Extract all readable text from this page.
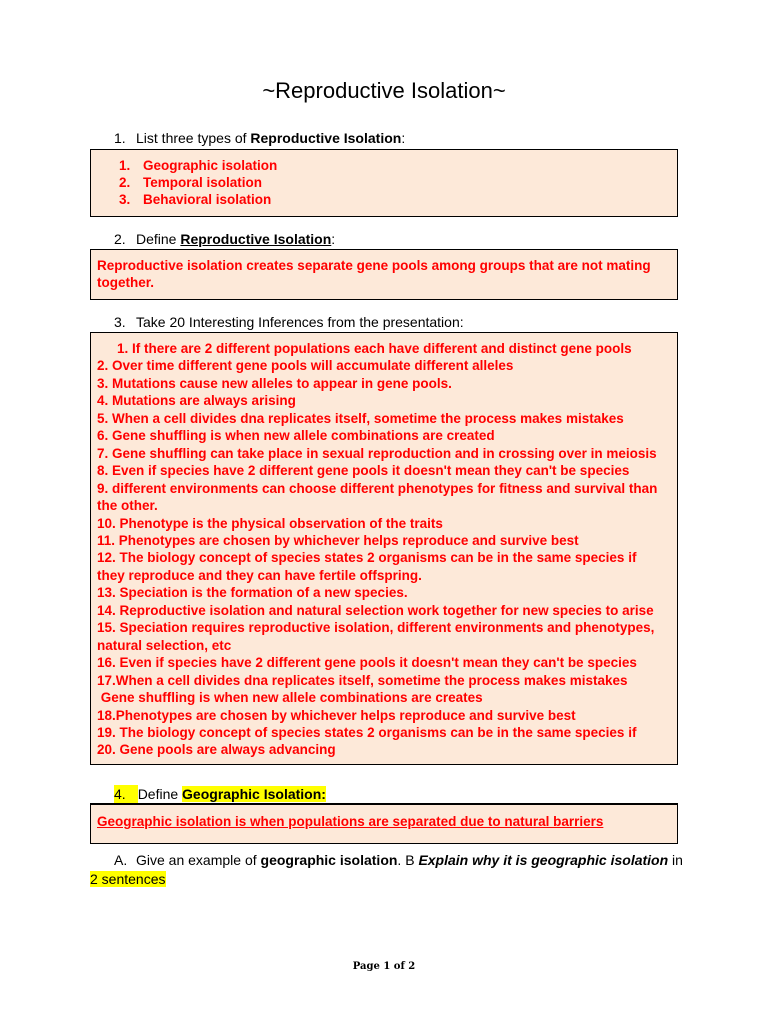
~Reproductive Isolation~
1. List three types of Reproductive Isolation:
1. Geographic isolation
2. Temporal isolation
3. Behavioral isolation
2. Define Reproductive Isolation:
Reproductive isolation creates separate gene pools among groups that are not mating
together.
3. Take 20 Interesting Inferences from the presentation:
1. If there are 2 different populations each have different and distinct gene pools
2. Over time different gene pools will accumulate different alleles
3. Mutations cause new alleles to appear in gene pools.
4. Mutations are always arising
5. When a cell divides dna replicates itself, sometime the process makes mistakes
6. Gene shuffling is when new allele combinations are created
7. Gene shuffling can take place in sexual reproduction and in crossing over in meiosis
8. Even if species have 2 different gene pools it doesn't mean they can't be species
9. different environments can choose different phenotypes for fitness and survival than
the other.
10. Phenotype is the physical observation of the traits
11. Phenotypes are chosen by whichever helps reproduce and survive best
12. The biology concept of species states 2 organisms can be in the same species if
they reproduce and they can have fertile offspring.
13. Speciation is the formation of a new species.
14. Reproductive isolation and natural selection work together for new species to arise
15. Speciation requires reproductive isolation, different environments and phenotypes,
natural selection, etc
16. Even if species have 2 different gene pools it doesn't mean they can't be species
17.When a cell divides dna replicates itself, sometime the process makes mistakes
Gene shuffling is when new allele combinations are creates
18.Phenotypes are chosen by whichever helps reproduce and survive best
19. The biology concept of species states 2 organisms can be in the same species if
20. Gene pools are always advancing
4. Define Geographic Isolation:
Geographic isolation is when populations are separated due to natural barriers
A. Give an example of geographic isolation. B Explain why it is geographic isolation in
2 sentences
Page 1 of 2
